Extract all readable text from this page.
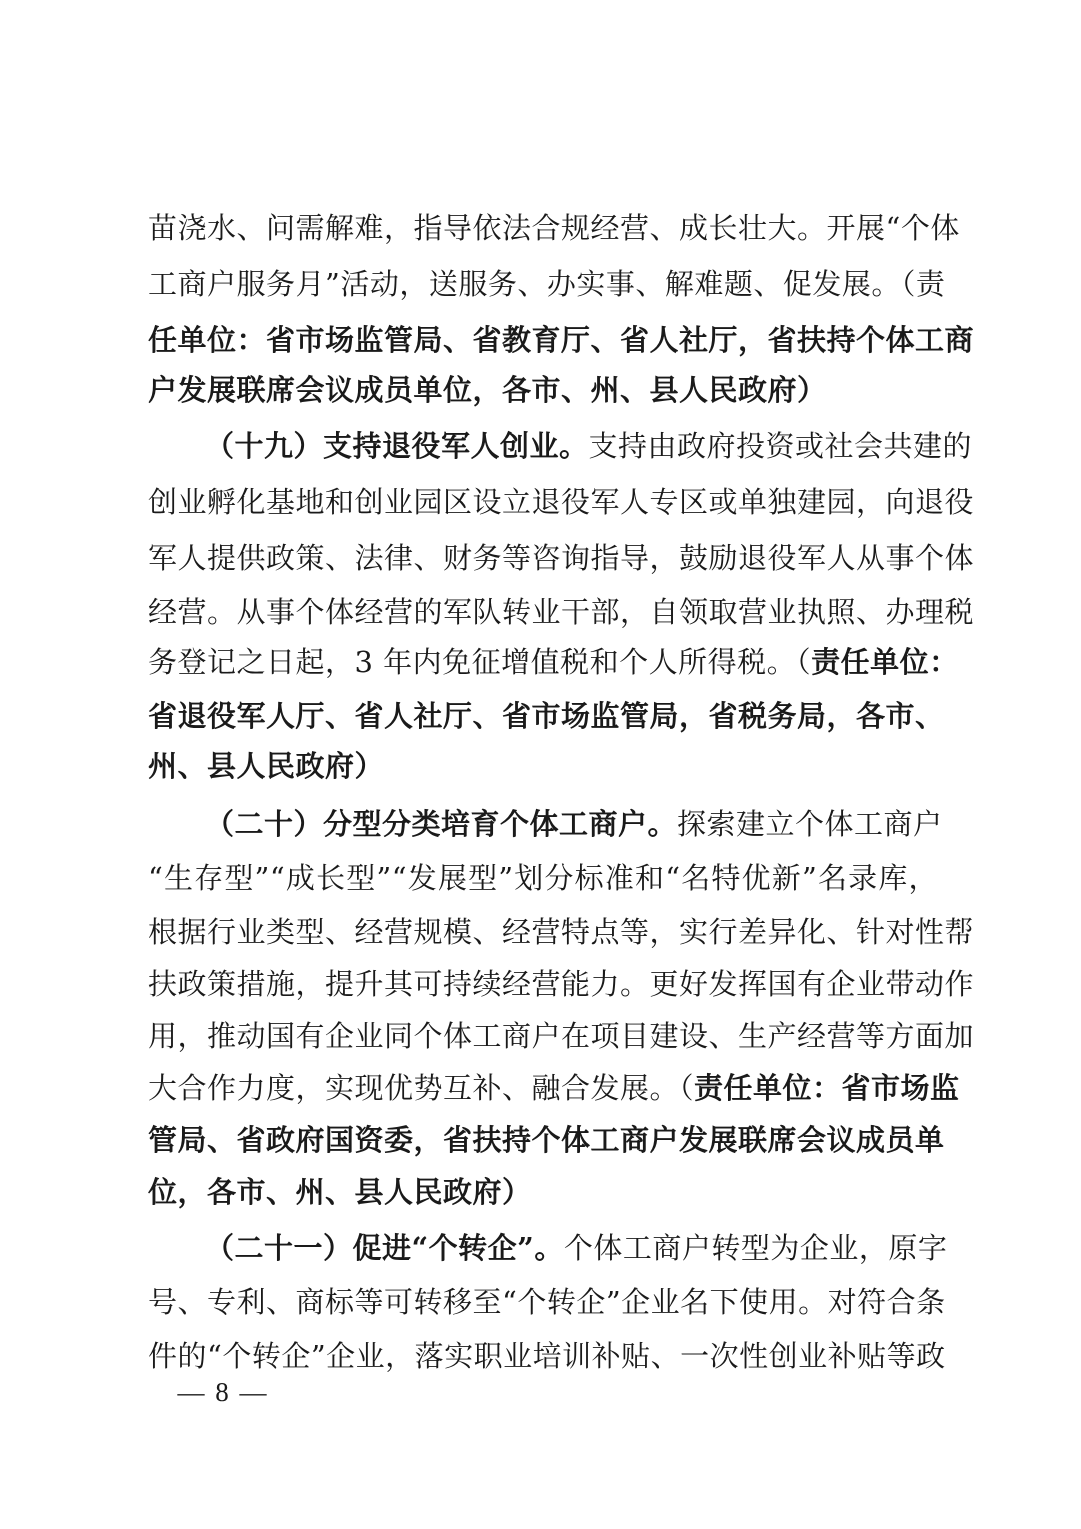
苗浇水、问需解难，指导依法合规经营、成长壮大。开展“个体
工商户服务月”活动，送服务、办实事、解难题、促发展。（责
任单位：省市场监管局、省教育厅、省人社厅，省扶持个体工商
户发展联席会议成员单位，各市、州、县人民政府）
（十九）支持退役军人创业。支持由政府投资或社会共建的
创业孵化基地和创业园区设立退役军人专区或单独建园，向退役
军人提供政策、法律、财务等咨询指导，鼓励退役军人从事个体
经营。从事个体经营的军队转业干部，自领取营业执照、办理税
务登记之日起，3 年内免征增值税和个人所得税。（责任单位：
省退役军人厅、省人社厅、省市场监管局，省税务局，各市、
州、县人民政府）
（二十）分型分类培育个体工商户。探索建立个体工商户
“生存型”“成长型”“发展型”划分标准和“名特优新”名录库，
根据行业类型、经营规模、经营特点等，实行差异化、针对性帮
扶政策措施，提升其可持续经营能力。更好发挥国有企业带动作
用，推动国有企业同个体工商户在项目建设、生产经营等方面加
大合作力度，实现优势互补、融合发展。（责任单位：省市场监
管局、省政府国资委，省扶持个体工商户发展联席会议成员单
位，各市、州、县人民政府）
（二十一）促进“个转企”。个体工商户转型为企业，原字
号、专利、商标等可转移至“个转企”企业名下使用。对符合条
件的“个转企”企业，落实职业培训补贴、一次性创业补贴等政
— 8 —
